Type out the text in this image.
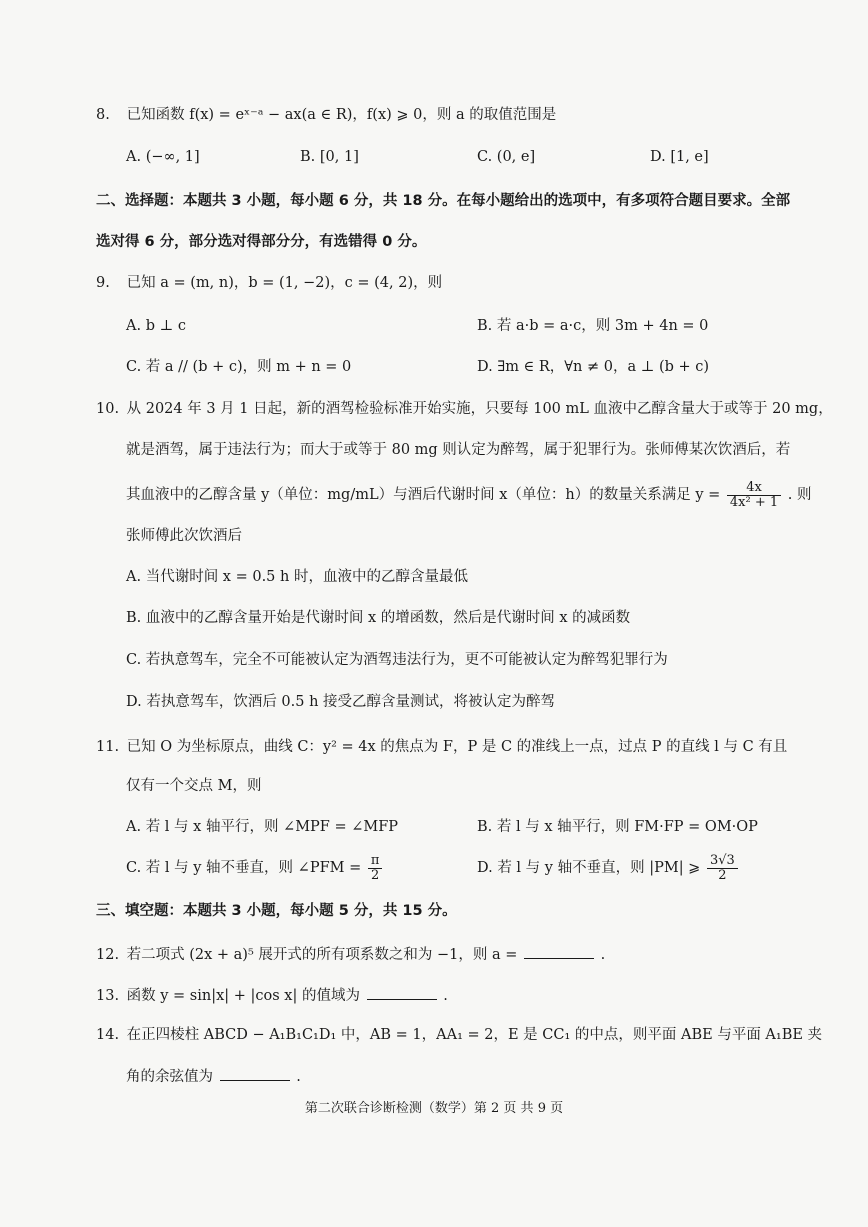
8. 已知函数 f(x) = eˣ⁻ᵃ − ax(a ∈ R)，f(x) ⩾ 0，则 a 的取值范围是
A. (−∞, 1]	B. [0, 1]	C. (0, e]	D. [1, e]
二、选择题：本题共 3 小题，每小题 6 分，共 18 分。在每小题给出的选项中，有多项符合题目要求。全部
选对得 6 分，部分选对得部分分，有选错得 0 分。
9. 已知 a = (m, n)，b = (1, −2)，c = (4, 2)，则
A. b ⊥ c	B. 若 a·b = a·c，则 3m + 4n = 0
C. 若 a // (b + c)，则 m + n = 0	D. ∃m ∈ R，∀n ≠ 0，a ⊥ (b + c)
10. 从 2024 年 3 月 1 日起，新的酒驾检验标准开始实施，只要每 100 mL 血液中乙醇含量大于或等于 20 mg，
就是酒驾，属于违法行为；而大于或等于 80 mg 则认定为醉驾，属于犯罪行为。张师傅某次饮酒后，若
其血液中的乙醇含量 y（单位：mg/mL）与酒后代谢时间 x（单位：h）的数量关系满足 $y = \frac{4x}{\text{4x² + 1}}$ . 则
张师傅此次饮酒后
A. 当代谢时间 x = 0.5 h 时，血液中的乙醇含量最低
B. 血液中的乙醇含量开始是代谢时间 x 的增函数，然后是代谢时间 x 的减函数
C. 若执意驾车，完全不可能被认定为酒驾违法行为，更不可能被认定为醉驾犯罪行为
D. 若执意驾车，饮酒后 0.5 h 接受乙醇含量测试，将被认定为醉驾
11. 已知 O 为坐标原点，曲线 C：y² = 4x 的焦点为 F，P 是 C 的准线上一点，过点 P 的直线 l 与 C 有且
仅有一个交点 M，则
A. 若 l 与 x 轴平行，则 ∠MPF = ∠MFP	B. 若 l 与 x 轴平行，则 FM·FP = OM·OP
C. 若 l 与 y 轴不垂直，则 ∠PFM = $\frac{\pi}{2}$	D. 若 l 与 y 轴不垂直，则 |PM| ⩾ $\frac{3√3}{2}$
三、填空题：本题共 3 小题，每小题 5 分，共 15 分。
12. 若二项式 (2x + a)⁵ 展开式的所有项系数之和为 −1，则 a =	.
13. 函数 y = sin|x| + |cos x| 的值域为	.
14. 在正四棱柱 ABCD − A₁B₁C₁D₁ 中，AB = 1，AA₁ = 2，E 是 CC₁ 的中点，则平面 ABE 与平面 A₁BE 夹
角的余弦值为	.
第二次联合诊断检测（数学）第 2 页 共 9 页
